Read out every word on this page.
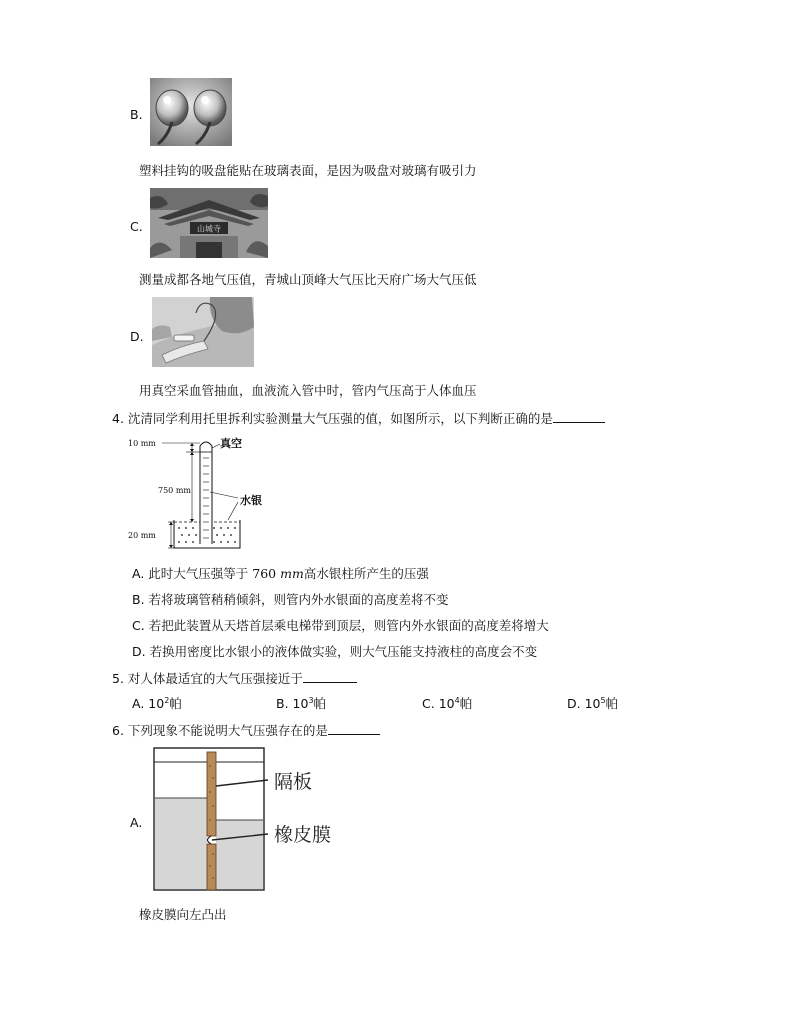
B.
塑料挂钩的吸盘能贴在玻璃表面，是因为吸盘对玻璃有吸引力
C.	山城寺
测量成都各地气压值，青城山顶峰大气压比天府广场大气压低
D.
用真空采血管抽血，血液流入管中时，管内气压高于人体血压
4. 沈清同学利用托里拆利实验测量大气压强的值，如图所示，以下判断正确的是
真空
水银
10 mm
750 mm
20 mm
A. 此时大气压强等于 760 mm高水银柱所产生的压强
B. 若将玻璃管稍稍倾斜，则管内外水银面的高度差将不变
C. 若把此装置从天塔首层乘电梯带到顶层，则管内外水银面的高度差将增大
D. 若换用密度比水银小的液体做实验，则大气压能支持液柱的高度会不变
5. 对人体最适宜的大气压强接近于
A. $10^2$帕	B. $10^3$帕	C. $10^4$帕	D. $10^5$帕
6. 下列现象不能说明大气压强存在的是
A.
隔板
橡皮膜
橡皮膜向左凸出
